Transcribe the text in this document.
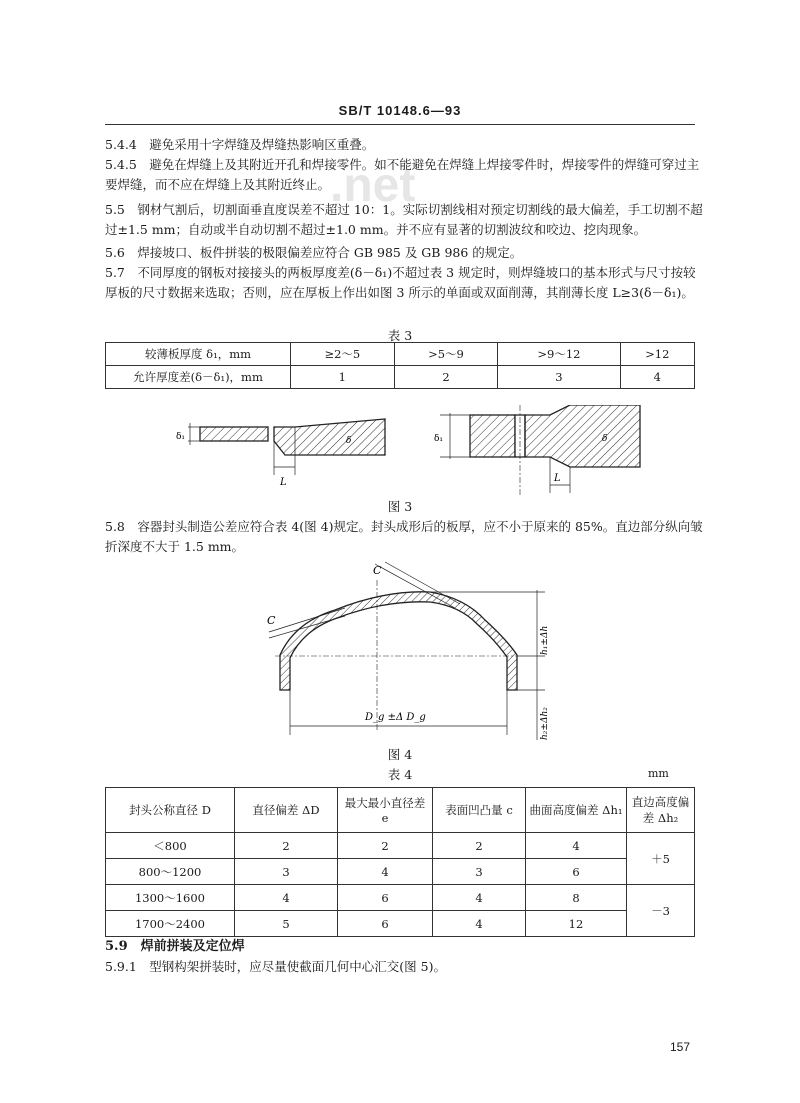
.net
SB/T 10148.6—93
5.4.4　避免采用十字焊缝及焊缝热影响区重叠。
5.4.5　避免在焊缝上及其附近开孔和焊接零件。如不能避免在焊缝上焊接零件时，焊接零件的焊缝可穿过主要焊缝，而不应在焊缝上及其附近终止。
5.5　钢材气割后，切割面垂直度误差不超过 10：1。实际切割线相对预定切割线的最大偏差，手工切割不超过±1.5 mm；自动或半自动切割不超过±1.0 mm。并不应有显著的切割波纹和咬边、挖肉现象。
5.6　焊接坡口、板件拼装的极限偏差应符合 GB 985 及 GB 986 的规定。
5.7　不同厚度的钢板对接接头的两板厚度差(δ－δ₁)不超过表 3 规定时，则焊缝坡口的基本形式与尺寸按较厚板的尺寸数据来选取；否则，应在厚板上作出如图 3 所示的单面或双面削薄，其削薄长度 L≥3(δ－δ₁)。
表 3
较薄板厚度 δ₁，mm	≥2～5	>5～9	>9～12	>12
允许厚度差(δ－δ₁)，mm	1	2	3	4
δ₁
L
δ	δ₁
L
δ
图 3
5.8　容器封头制造公差应符合表 4(图 4)规定。封头成形后的板厚，应不小于原来的 85%。直边部分纵向皱折深度不大于 1.5 mm。
C
C
h₁±Δh
h₂±Δh₂
D_g ±Δ D_g
图 4
表 4	mm
封头公称直径 D	直径偏差 ΔD	最大最小直径差 e	表面凹凸量 c	曲面高度偏差 Δh₁	直边高度偏差 Δh₂
＜800	2	2	2	4	＋5
800～1200	3	4	3	6	
1300～1600	4	6	4	8	－3
1700～2400	5	6	4	12	
5.9　焊前拼装及定位焊
5.9.1　型钢构架拼装时，应尽量使截面几何中心汇交(图 5)。
157
